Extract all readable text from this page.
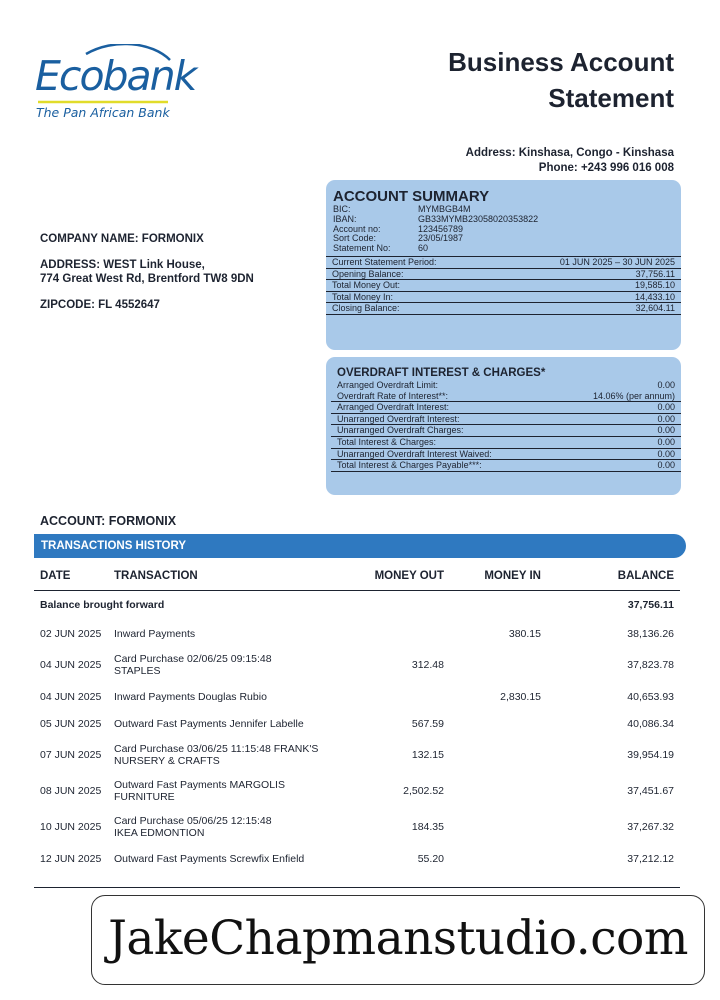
Ecobank
The Pan African Bank
Business Account
Statement
Address: Kinshasa, Congo - Kinshasa
Phone: +243 996 016 008
COMPANY NAME: FORMONIX
ADDRESS: WEST Link House,
774 Great West Rd, Brentford TW8 9DN
ZIPCODE: FL 4552647
ACCOUNT SUMMARY
BIC:	MYMBGB4M
IBAN:	GB33MYMB23058020353822
Account no:	123456789
Sort Code:	23/05/1987
Statement No:	60
Current Statement Period:	01 JUN 2025 – 30 JUN 2025
Opening Balance:	37,756.11
Total Money Out:	19,585.10
Total Money In:	14,433.10
Closing Balance:	32,604.11
OVERDRAFT INTEREST & CHARGES*
Arranged Overdraft Limit:	0.00
Overdraft Rate of Interest**:	14.06% (per annum)
Arranged Overdraft Interest:	0.00
Unarranged Overdraft Interest:	0.00
Unarranged Overdraft Charges:	0.00
Total Interest & Charges:	0.00
Unarranged Overdraft Interest Waived:	0.00
Total Interest & Charges Payable***:	0.00
ACCOUNT: FORMONIX
TRANSACTIONS HISTORY
DATE	TRANSACTION	MONEY OUT	MONEY IN	BALANCE
Balance brought forward				37,756.11
02 JUN 2025	Inward Payments		380.15	38,136.26
04 JUN 2025	Card Purchase 02/06/25 09:15:48
STAPLES	312.48		37,823.78
04 JUN 2025	Inward Payments Douglas Rubio		2,830.15	40,653.93
05 JUN 2025	Outward Fast Payments Jennifer Labelle	567.59		40,086.34
07 JUN 2025	Card Purchase 03/06/25 11:15:48 FRANK'S
NURSERY & CRAFTS	132.15		39,954.19
08 JUN 2025	Outward Fast Payments MARGOLIS
FURNITURE	2,502.52		37,451.67
10 JUN 2025	Card Purchase 05/06/25 12:15:48
IKEA EDMONTION	184.35		37,267.32
12 JUN 2025	Outward Fast Payments Screwfix Enfield	55.20		37,212.12
JakeChapmanstudio.com
